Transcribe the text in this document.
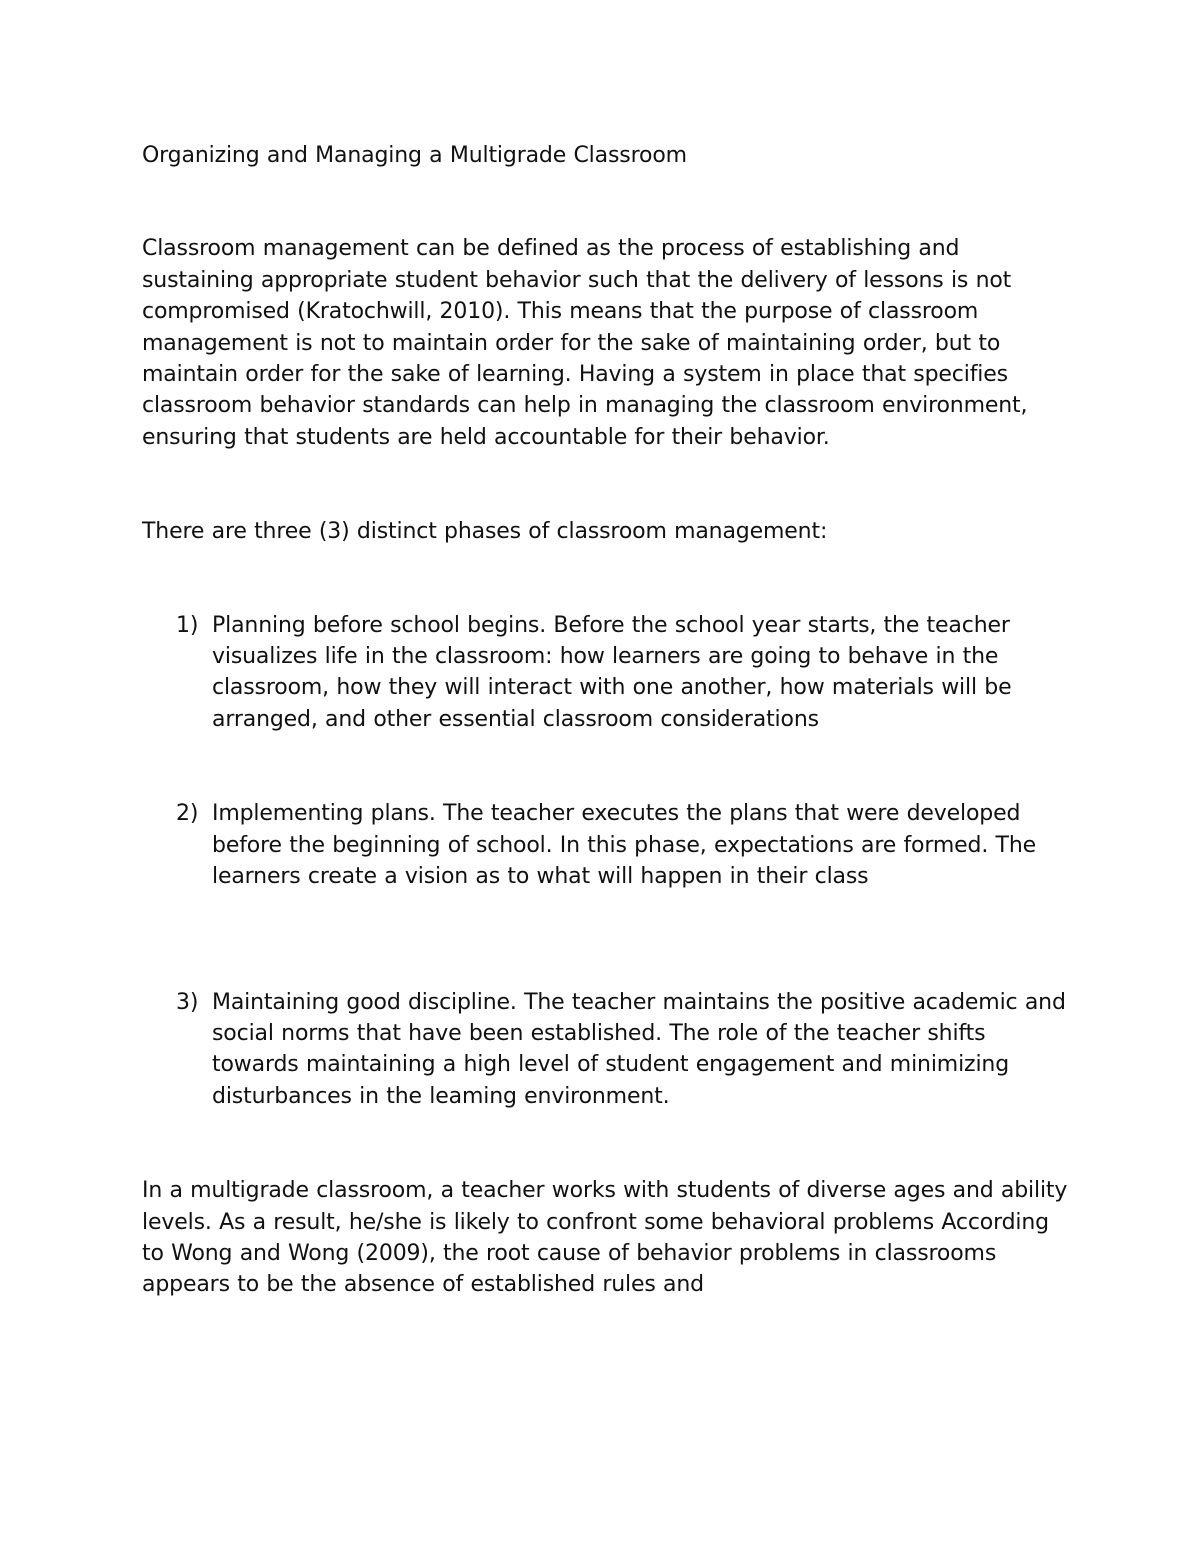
Organizing and Managing a Multigrade Classroom

Classroom management can be defined as the process of establishing and sustaining appropriate student behavior such that the delivery of lessons is not compromised (Kratochwill, 2010). This means that the purpose of classroom management is not to maintain order for the sake of maintaining order, but to maintain order for the sake of learning. Having a system in place that specifies classroom behavior standards can help in managing the classroom environment, ensuring that students are held accountable for their behavior.

There are three (3) distinct phases of classroom management:

1) Planning before school begins. Before the school year starts, the teacher visualizes life in the classroom: how learners are going to behave in the classroom, how they will interact with one another, how materials will be arranged, and other essential classroom considerations
2) Implementing plans. The teacher executes the plans that were developed before the beginning of school. In this phase, expectations are formed. The learners create a vision as to what will happen in their class
3) Maintaining good discipline. The teacher maintains the positive academic and social norms that have been established. The role of the teacher shifts towards maintaining a high level of student engagement and minimizing disturbances in the leaming environment.

In a multigrade classroom, a teacher works with students of diverse ages and ability levels. As a result, he/she is likely to confront some behavioral problems According to Wong and Wong (2009), the root cause of behavior problems in classrooms appears to be the absence of established rules and
